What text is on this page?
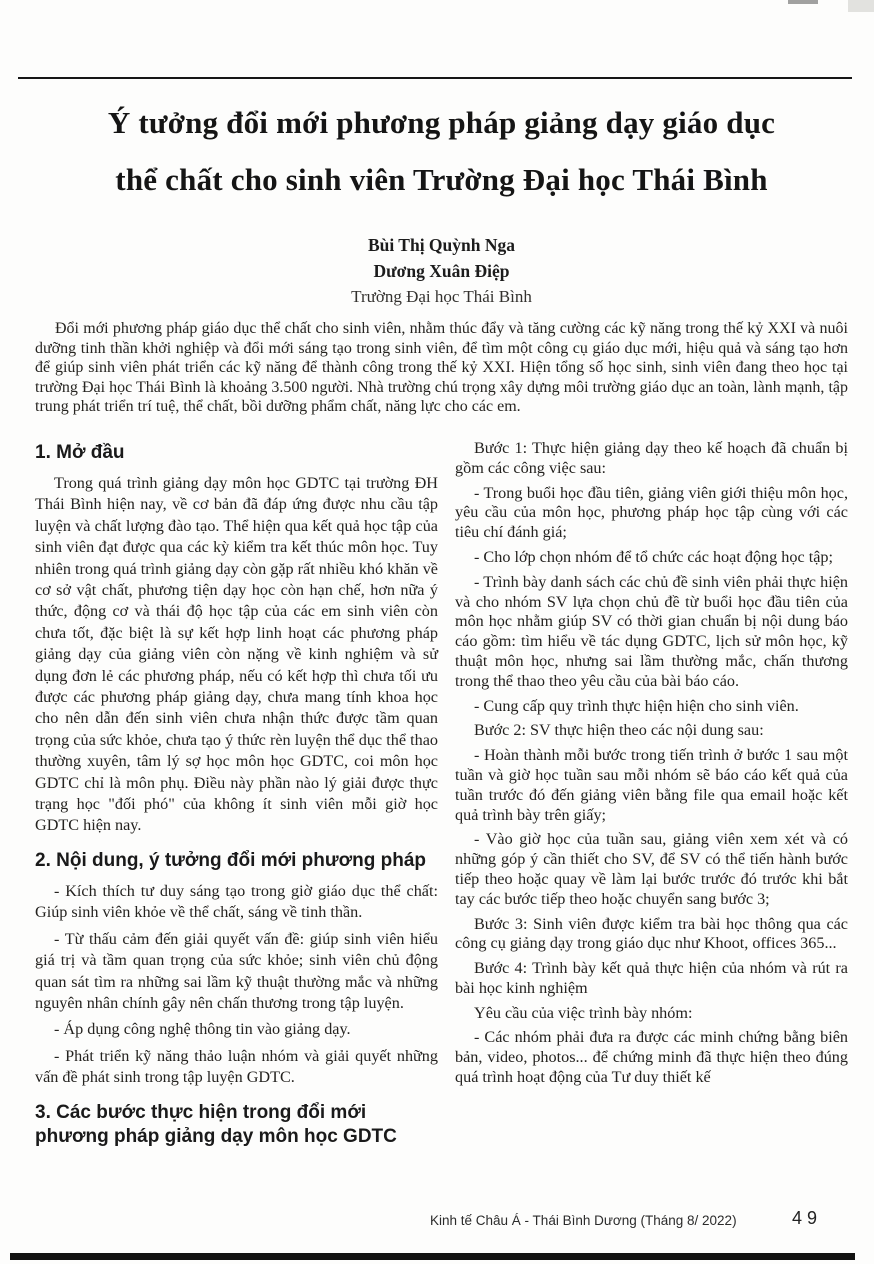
Ý tưởng đổi mới phương pháp giảng dạy giáo dục
thể chất cho sinh viên Trường Đại học Thái Bình
Bùi Thị Quỳnh Nga
Dương Xuân Điệp
Trường Đại học Thái Bình

Đổi mới phương pháp giáo dục thể chất cho sinh viên, nhằm thúc đẩy và tăng cường các kỹ năng trong thế kỷ XXI và nuôi dưỡng tinh thần khởi nghiệp và đổi mới sáng tạo trong sinh viên, để tìm một công cụ giáo dục mới, hiệu quả và sáng tạo hơn để giúp sinh viên phát triển các kỹ năng để thành công trong thế kỷ XXI. Hiện tổng số học sinh, sinh viên đang theo học tại trường Đại học Thái Bình là khoảng 3.500 người. Nhà trường chú trọng xây dựng môi trường giáo dục an toàn, lành mạnh, tập trung phát triển trí tuệ, thể chất, bồi dưỡng phẩm chất, năng lực cho các em.

1. Mở đầu

Trong quá trình giảng dạy môn học GDTC tại trường ĐH Thái Bình hiện nay, về cơ bản đã đáp ứng được nhu cầu tập luyện và chất lượng đào tạo. Thể hiện qua kết quả học tập của sinh viên đạt được qua các kỳ kiểm tra kết thúc môn học. Tuy nhiên trong quá trình giảng dạy còn gặp rất nhiều khó khăn về cơ sở vật chất, phương tiện dạy học còn hạn chế, hơn nữa ý thức, động cơ và thái độ học tập của các em sinh viên còn chưa tốt, đặc biệt là sự kết hợp linh hoạt các phương pháp giảng dạy của giảng viên còn nặng về kinh nghiệm và sử dụng đơn lẻ các phương pháp, nếu có kết hợp thì chưa tối ưu được các phương pháp giảng dạy, chưa mang tính khoa học cho nên dẫn đến sinh viên chưa nhận thức được tầm quan trọng của sức khỏe, chưa tạo ý thức rèn luyện thể dục thể thao thường xuyên, tâm lý sợ học môn học GDTC, coi môn học GDTC chỉ là môn phụ. Điều này phần nào lý giải được thực trạng học "đối phó" của không ít sinh viên mỗi giờ học GDTC hiện nay.

2. Nội dung, ý tưởng đổi mới phương pháp

- Kích thích tư duy sáng tạo trong giờ giáo dục thể chất: Giúp sinh viên khỏe về thể chất, sáng về tinh thần.

- Từ thấu cảm đến giải quyết vấn đề: giúp sinh viên hiểu giá trị và tầm quan trọng của sức khỏe; sinh viên chủ động quan sát tìm ra những sai lầm kỹ thuật thường mắc và những nguyên nhân chính gây nên chấn thương trong tập luyện.

- Áp dụng công nghệ thông tin vào giảng dạy.

- Phát triển kỹ năng thảo luận nhóm và giải quyết những vấn đề phát sinh trong tập luyện GDTC.

3. Các bước thực hiện trong đổi mới phương pháp giảng dạy môn học GDTC

Bước 1: Thực hiện giảng dạy theo kế hoạch đã chuẩn bị gồm các công việc sau:

- Trong buổi học đầu tiên, giảng viên giới thiệu môn học, yêu cầu của môn học, phương pháp học tập cùng với các tiêu chí đánh giá;

- Cho lớp chọn nhóm để tổ chức các hoạt động học tập;

- Trình bày danh sách các chủ đề sinh viên phải thực hiện và cho nhóm SV lựa chọn chủ đề từ buổi học đầu tiên của môn học nhằm giúp SV có thời gian chuẩn bị nội dung báo cáo gồm: tìm hiểu về tác dụng GDTC, lịch sử môn học, kỹ thuật môn học, nhưng sai lầm thường mắc, chấn thương trong thể thao theo yêu cầu của bài báo cáo.

- Cung cấp quy trình thực hiện hiện cho sinh viên.

Bước 2: SV thực hiện theo các nội dung sau:

- Hoàn thành mỗi bước trong tiến trình ở bước 1 sau một tuần và giờ học tuần sau mỗi nhóm sẽ báo cáo kết quả của tuần trước đó đến giảng viên bằng file qua email hoặc kết quả trình bày trên giấy;

- Vào giờ học của tuần sau, giảng viên xem xét và có những góp ý cần thiết cho SV, để SV có thể tiến hành bước tiếp theo hoặc quay về làm lại bước trước đó trước khi bắt tay các bước tiếp theo hoặc chuyển sang bước 3;

Bước 3: Sinh viên được kiểm tra bài học thông qua các công cụ giảng dạy trong giáo dục như Khoot, offices 365...

Bước 4: Trình bày kết quả thực hiện của nhóm và rút ra bài học kinh nghiệm

Yêu cầu của việc trình bày nhóm:

- Các nhóm phải đưa ra được các minh chứng bằng biên bản, video, photos... để chứng minh đã thực hiện theo đúng quá trình hoạt động của Tư duy thiết kế

Kinh tế Châu Á - Thái Bình Dương (Tháng 8/ 2022)	49
